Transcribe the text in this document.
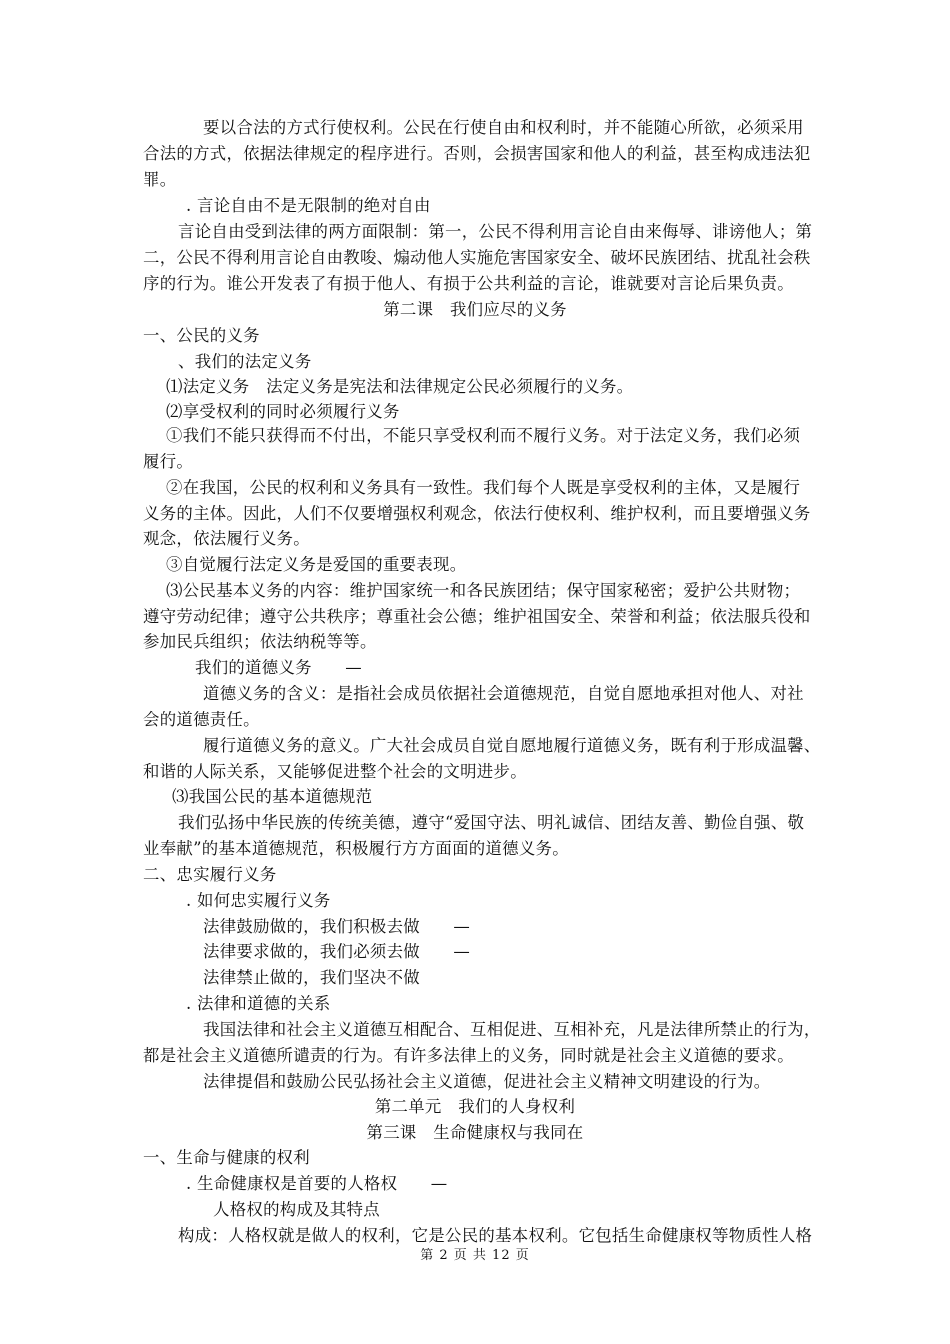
要以合法的方式行使权利。公民在行使自由和权利时，并不能随心所欲，必须采用
合法的方式，依据法律规定的程序进行。否则，会损害国家和他人的利益，甚至构成违法犯
罪。
. 言论自由不是无限制的绝对自由
言论自由受到法律的两方面限制：第一，公民不得利用言论自由来侮辱、诽谤他人；第
二，公民不得利用言论自由教唆、煽动他人实施危害国家安全、破坏民族团结、扰乱社会秩
序的行为。谁公开发表了有损于他人、有损于公共利益的言论，谁就要对言论后果负责。
第二课　我们应尽的义务
一、公民的义务
、我们的法定义务
⑴法定义务　法定义务是宪法和法律规定公民必须履行的义务。
⑵享受权利的同时必须履行义务
①我们不能只获得而不付出，不能只享受权利而不履行义务。对于法定义务，我们必须
履行。
②在我国，公民的权利和义务具有一致性。我们每个人既是享受权利的主体，又是履行
义务的主体。因此，人们不仅要增强权利观念，依法行使权利、维护权利，而且要增强义务
观念，依法履行义务。
③自觉履行法定义务是爱国的重要表现。
⑶公民基本义务的内容：维护国家统一和各民族团结；保守国家秘密；爱护公共财物；
遵守劳动纪律；遵守公共秩序；尊重社会公德；维护祖国安全、荣誉和利益；依法服兵役和
参加民兵组织；依法纳税等等。
我们的道德义务　　—
道德义务的含义：是指社会成员依据社会道德规范，自觉自愿地承担对他人、对社
会的道德责任。
履行道德义务的意义。广大社会成员自觉自愿地履行道德义务，既有利于形成温馨、
和谐的人际关系，又能够促进整个社会的文明进步。
⑶我国公民的基本道德规范
我们弘扬中华民族的传统美德，遵守“爱国守法、明礼诚信、团结友善、勤俭自强、敬
业奉献”的基本道德规范，积极履行方方面面的道德义务。
二、忠实履行义务
. 如何忠实履行义务
法律鼓励做的，我们积极去做　　—
法律要求做的，我们必须去做　　—
法律禁止做的，我们坚决不做
. 法律和道德的关系
我国法律和社会主义道德互相配合、互相促进、互相补充，凡是法律所禁止的行为，
都是社会主义道德所谴责的行为。有许多法律上的义务，同时就是社会主义道德的要求。
法律提倡和鼓励公民弘扬社会主义道德，促进社会主义精神文明建设的行为。
第二单元　我们的人身权利
第三课　生命健康权与我同在
一、生命与健康的权利
. 生命健康权是首要的人格权　　—
人格权的构成及其特点
构成：人格权就是做人的权利，它是公民的基本权利。它包括生命健康权等物质性人格
第 2 页 共 12 页
